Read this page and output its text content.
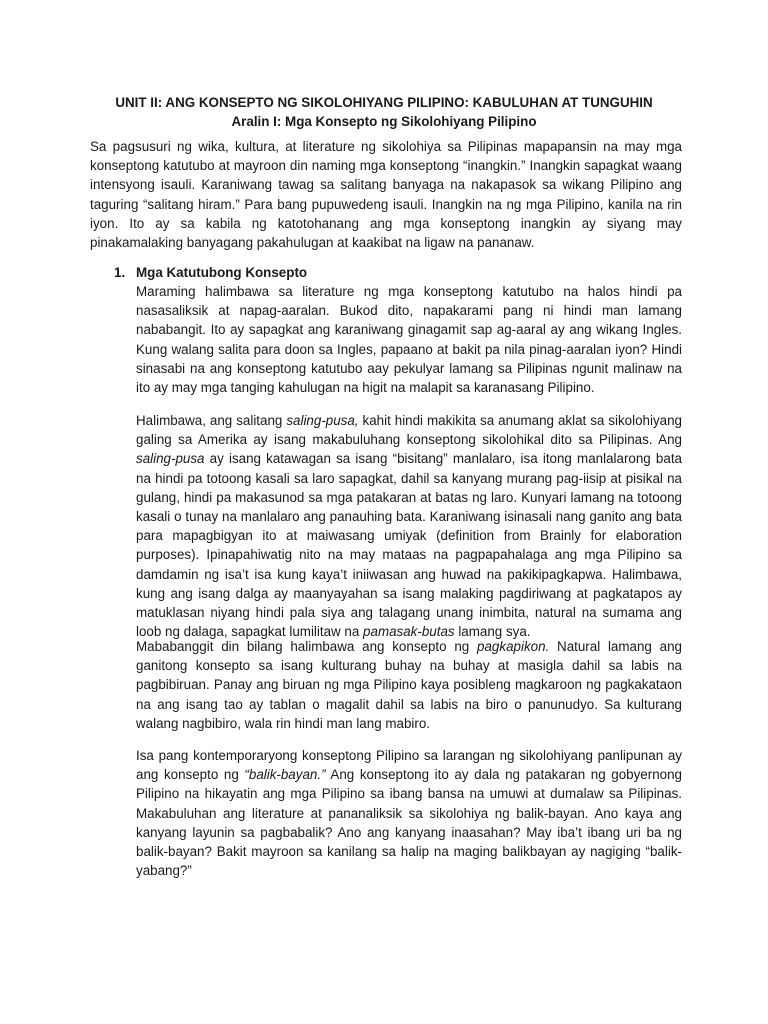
UNIT II: ANG KONSEPTO NG SIKOLOHIYANG PILIPINO: KABULUHAN AT TUNGUHIN
Aralin I: Mga Konsepto ng Sikolohiyang Pilipino

Sa pagsusuri ng wika, kultura, at literature ng sikolohiya sa Pilipinas mapapansin na may mga konseptong katutubo at mayroon din naming mga konseptong “inangkin.” Inangkin sapagkat waang intensyong isauli. Karaniwang tawag sa salitang banyaga na nakapasok sa wikang Pilipino ang taguring “salitang hiram.” Para bang pupuwedeng isauli. Inangkin na ng mga Pilipino, kanila na rin iyon. Ito ay sa kabila ng katotohanang ang mga konseptong inangkin ay siyang may pinakamalaking banyagang pakahulugan at kaakibat na ligaw na pananaw.

1. Mga Katutubong Konsepto

Maraming halimbawa sa literature ng mga konseptong katutubo na halos hindi pa nasasaliksik at napag-aaralan. Bukod dito, napakarami pang ni hindi man lamang nababangit. Ito ay sapagkat ang karaniwang ginagamit sap ag-aaral ay ang wikang Ingles. Kung walang salita para doon sa Ingles, papaano at bakit pa nila pinag-aaralan iyon? Hindi sinasabi na ang konseptong katutubo aay pekulyar lamang sa Pilipinas ngunit malinaw na ito ay may mga tanging kahulugan na higit na malapit sa karanasang Pilipino.

Halimbawa, ang salitang saling-pusa, kahit hindi makikita sa anumang aklat sa sikolohiyang galing sa Amerika ay isang makabuluhang konseptong sikolohikal dito sa Pilipinas. Ang saling-pusa ay isang katawagan sa isang “bisitang” manlalaro, isa itong manlalarong bata na hindi pa totoong kasali sa laro sapagkat, dahil sa kanyang murang pag-iisip at pisikal na gulang, hindi pa makasunod sa mga patakaran at batas ng laro. Kunyari lamang na totoong kasali o tunay na manlalaro ang panauhing bata. Karaniwang isinasali nang ganito ang bata para mapagbigyan ito at maiwasang umiyak (definition from Brainly for elaboration purposes). Ipinapahiwatig nito na may mataas na pagpapahalaga ang mga Pilipino sa damdamin ng isa’t isa kung kaya’t iniiwasan ang huwad na pakikipagkapwa. Halimbawa, kung ang isang dalga ay maanyayahan sa isang malaking pagdiriwang at pagkatapos ay matuklasan niyang hindi pala siya ang talagang unang inimbita, natural na sumama ang loob ng dalaga, sapagkat lumilitaw na pamasak-butas lamang sya.

Mababanggit din bilang halimbawa ang konsepto ng pagkapikon. Natural lamang ang ganitong konsepto sa isang kulturang buhay na buhay at masigla dahil sa labis na pagbibiruan. Panay ang biruan ng mga Pilipino kaya posibleng magkaroon ng pagkakataon na ang isang tao ay tablan o magalit dahil sa labis na biro o panunudyo. Sa kulturang walang nagbibiro, wala rin hindi man lang mabiro.

Isa pang kontemporaryong konseptong Pilipino sa larangan ng sikolohiyang panlipunan ay ang konsepto ng “balik-bayan.” Ang konseptong ito ay dala ng patakaran ng gobyernong Pilipino na hikayatin ang mga Pilipino sa ibang bansa na umuwi at dumalaw sa Pilipinas. Makabuluhan ang literature at pananaliksik sa sikolohiya ng balik-bayan. Ano kaya ang kanyang layunin sa pagbabalik? Ano ang kanyang inaasahan? May iba’t ibang uri ba ng balik-bayan? Bakit mayroon sa kanilang sa halip na maging balikbayan ay nagiging “balik-yabang?”
